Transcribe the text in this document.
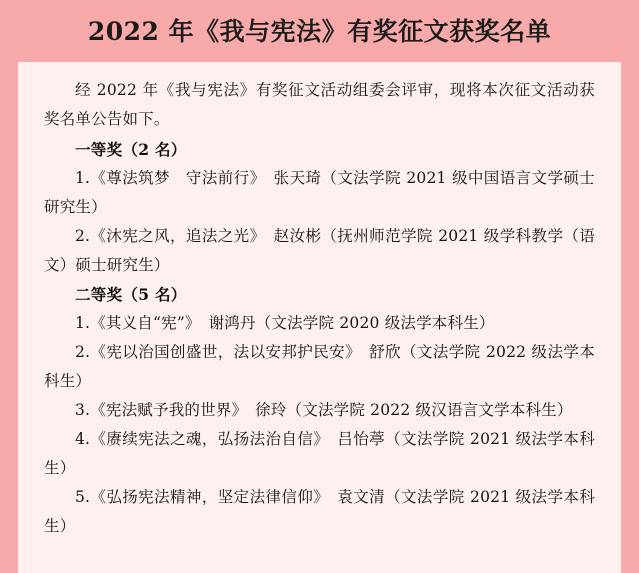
2022 年《我与宪法》有奖征文获奖名单

经 2022 年《我与宪法》有奖征文活动组委会评审，现将本次征文活动获奖名单公告如下。

一等奖（2 名）

1.《尊法筑梦　守法前行》　张天琦（文法学院 2021 级中国语言文学硕士研究生）

2.《沐宪之风，追法之光》　赵汝彬（抚州师范学院 2021 级学科教学（语文）硕士研究生）

二等奖（5 名）

1.《其义自“宪”》　谢鸿丹（文法学院 2020 级法学本科生）

2.《宪以治国创盛世，法以安邦护民安》　舒欣（文法学院 2022 级法学本科生）

3.《宪法赋予我的世界》　徐玲（文法学院 2022 级汉语言文学本科生）

4.《赓续宪法之魂，弘扬法治自信》　吕怡葶（文法学院 2021 级法学本科生）

5.《弘扬宪法精神，坚定法律信仰》　袁文清（文法学院 2021 级法学本科生）
